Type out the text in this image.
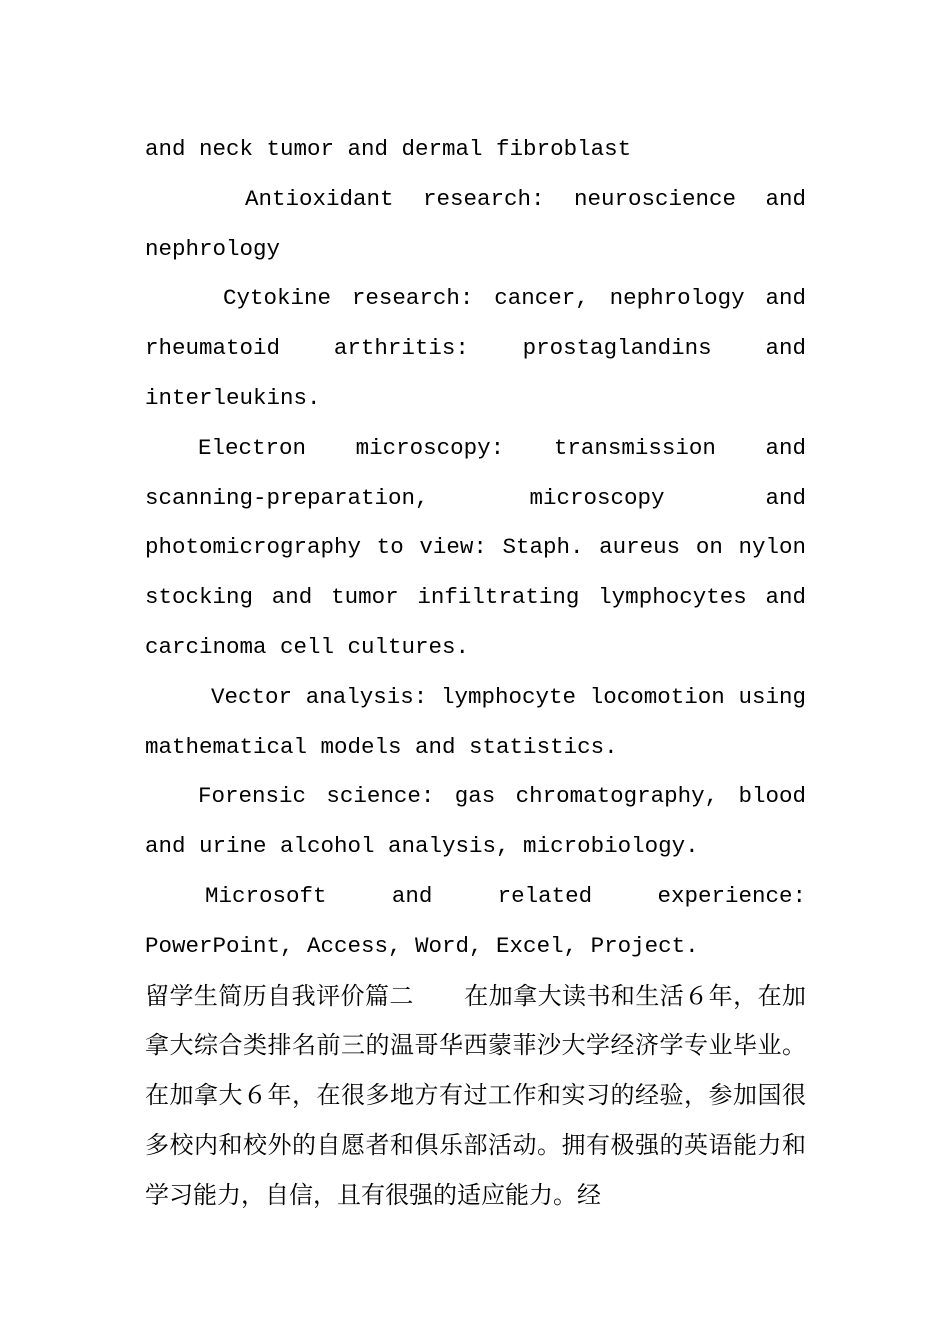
and neck tumor and dermal fibroblast

Antioxidant research: neuroscience and nephrology

Cytokine research: cancer, nephrology and rheumatoid arthritis: prostaglandins and interleukins.

Electron microscopy: transmission and scanning-preparation, microscopy and photomicrography to view: Staph. aureus on nylon stocking and tumor infiltrating lymphocytes and carcinoma cell cultures.

Vector analysis: lymphocyte locomotion using mathematical models and statistics.

Forensic science: gas chromatography, blood and urine alcohol analysis, microbiology.

Microsoft and related experience: PowerPoint, Access, Word, Excel, Project.

留学生简历自我评价篇二 在加拿大读书和生活６年，在加拿大综合类排名前三的温哥华西蒙菲沙大学经济学专业毕业。在加拿大６年，在很多地方有过工作和实习的经验，参加国很多校内和校外的自愿者和俱乐部活动。拥有极强的英语能力和学习能力，自信，且有很强的适应能力。经
